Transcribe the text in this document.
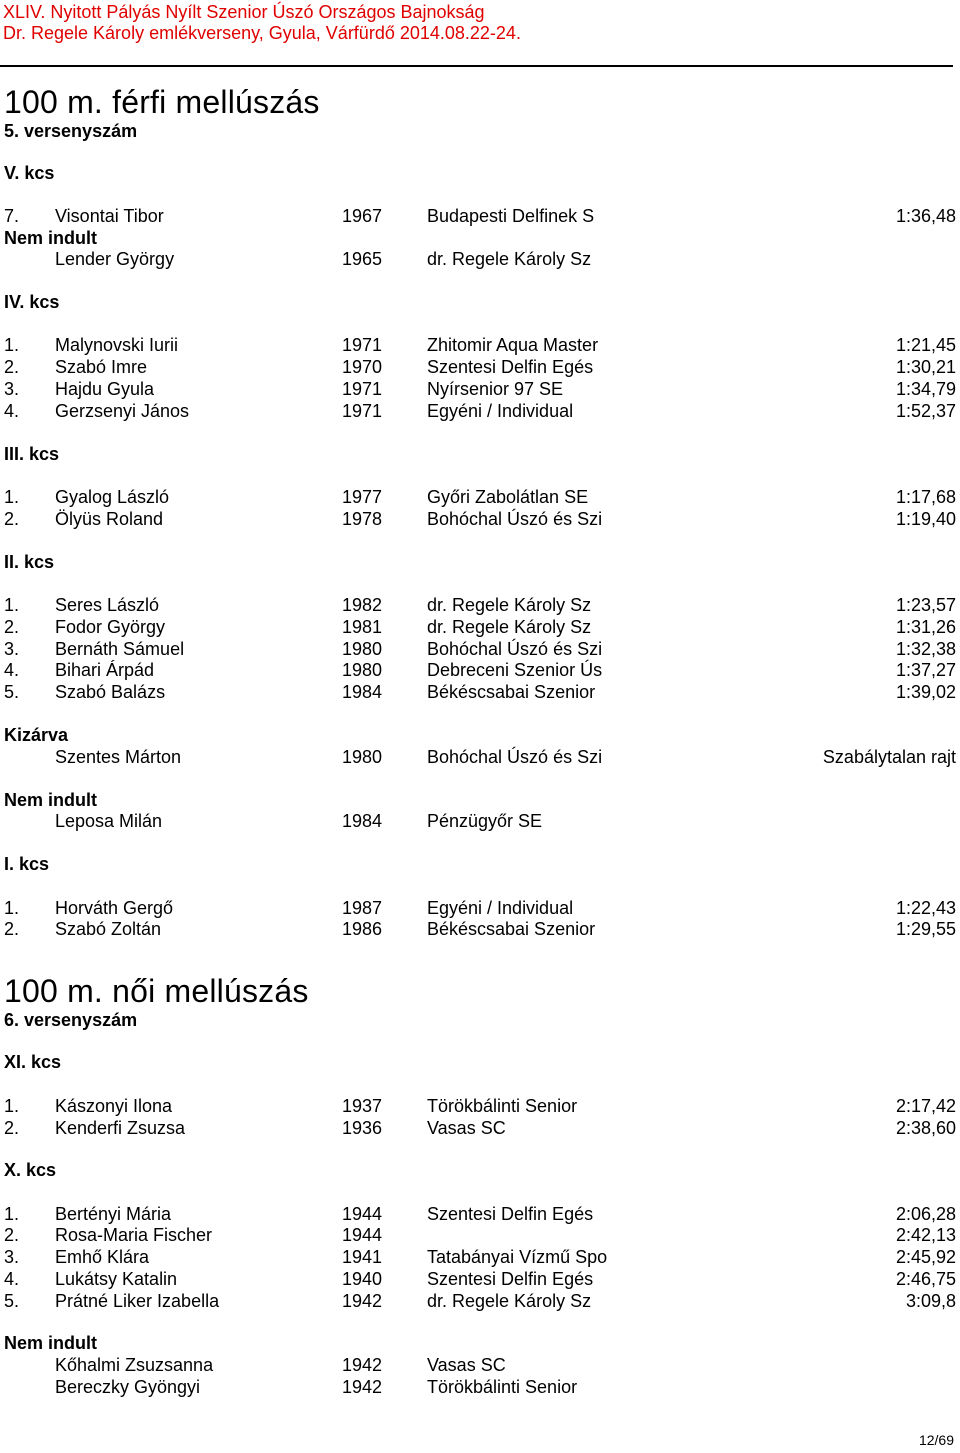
XLIV. Nyitott Pályás Nyílt Szenior Úszó Országos Bajnokság
Dr. Regele Károly emlékverseny, Gyula, Várfürdő 2014.08.22-24.
100 m. férfi mellúszás
5. versenyszám
V. kcs
7. Visontai Tibor	1967 Budapesti Delfinek S	1:36,48
Nem indult
Lender György	1965 dr. Regele Károly Sz
IV. kcs
1. Malynovski Iurii	1971 Zhitomir Aqua Master	1:21,45
2. Szabó Imre	1970 Szentesi Delfin Egés	1:30,21
3. Hajdu Gyula	1971 Nyírsenior 97 SE	1:34,79
4. Gerzsenyi János	1971 Egyéni / Individual	1:52,37
III. kcs
1. Gyalog László	1977 Győri Zabolátlan SE	1:17,68
2. Ölyüs Roland	1978 Bohóchal Úszó és Szi	1:19,40
II. kcs
1. Seres László	1982 dr. Regele Károly Sz	1:23,57
2. Fodor György	1981 dr. Regele Károly Sz	1:31,26
3. Bernáth Sámuel	1980 Bohóchal Úszó és Szi	1:32,38
4. Bihari Árpád	1980 Debreceni Szenior Ús	1:37,27
5. Szabó Balázs	1984 Békéscsabai Szenior	1:39,02
Kizárva
Szentes Márton	1980 Bohóchal Úszó és Szi	Szabálytalan rajt
Nem indult
Leposa Milán	1984 Pénzügyőr SE
I. kcs
1. Horváth Gergő	1987 Egyéni / Individual	1:22,43
2. Szabó Zoltán	1986 Békéscsabai Szenior	1:29,55
100 m. női mellúszás
6. versenyszám
XI. kcs
1. Kászonyi Ilona	1937 Törökbálinti Senior	2:17,42
2. Kenderfi Zsuzsa	1936 Vasas SC	2:38,60
X. kcs
1. Bertényi Mária	1944 Szentesi Delfin Egés	2:06,28
2. Rosa-Maria Fischer	1944	2:42,13
3. Emhő Klára	1941 Tatabányai Vízmű Spo	2:45,92
4. Lukátsy Katalin	1940 Szentesi Delfin Egés	2:46,75
5. Prátné Liker Izabella	1942 dr. Regele Károly Sz	3:09,8
Nem indult
Kőhalmi Zsuzsanna	1942 Vasas SC
Bereczky Gyöngyi	1942 Törökbálinti Senior
12/69
